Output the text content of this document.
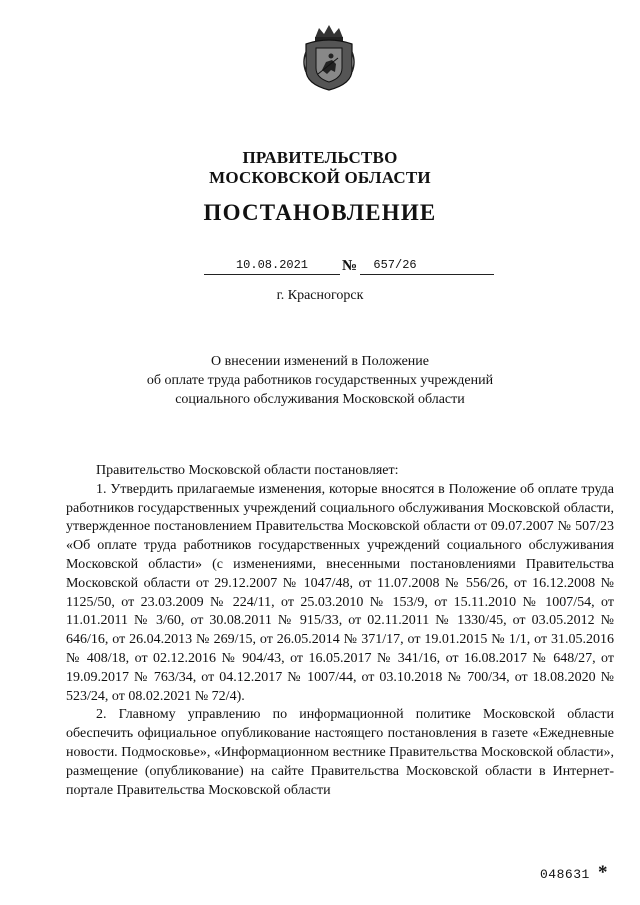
ПРАВИТЕЛЬСТВО
МОСКОВСКОЙ ОБЛАСТИ
ПОСТАНОВЛЕНИЕ
10.08.2021	№	657/26
г. Красногорск
О внесении изменений в Положение
об оплате труда работников государственных учреждений
социального обслуживания Московской области

Правительство Московской области постановляет:

1. Утвердить прилагаемые изменения, которые вносятся в Положение об оплате труда работников государственных учреждений социального обслуживания Московской области, утвержденное постановлением Правительства Московской области от 09.07.2007 № 507/23 «Об оплате труда работников государственных учреждений социального обслуживания Московской области» (с изменениями, внесенными постановлениями Правительства Московской области от 29.12.2007 № 1047/48, от 11.07.2008 № 556/26, от 16.12.2008 № 1125/50, от 23.03.2009 № 224/11, от 25.03.2010 № 153/9, от 15.11.2010 № 1007/54, от 11.01.2011 № 3/60, от 30.08.2011 № 915/33, от 02.11.2011 № 1330/45, от 03.05.2012 № 646/16, от 26.04.2013 № 269/15, от 26.05.2014 № 371/17, от 19.01.2015 № 1/1, от 31.05.2016 № 408/18, от 02.12.2016 № 904/43, от 16.05.2017 № 341/16, от 16.08.2017 № 648/27, от 19.09.2017 № 763/34, от 04.12.2017 № 1007/44, от 03.10.2018 № 700/34, от 18.08.2020 № 523/24, от 08.02.2021 № 72/4).

2. Главному управлению по информационной политике Московской области обеспечить официальное опубликование настоящего постановления в газете «Ежедневные новости. Подмосковье», «Информационном вестнике Правительства Московской области», размещение (опубликование) на сайте Правительства Московской области в Интернет-портале Правительства Московской области

048631 *
